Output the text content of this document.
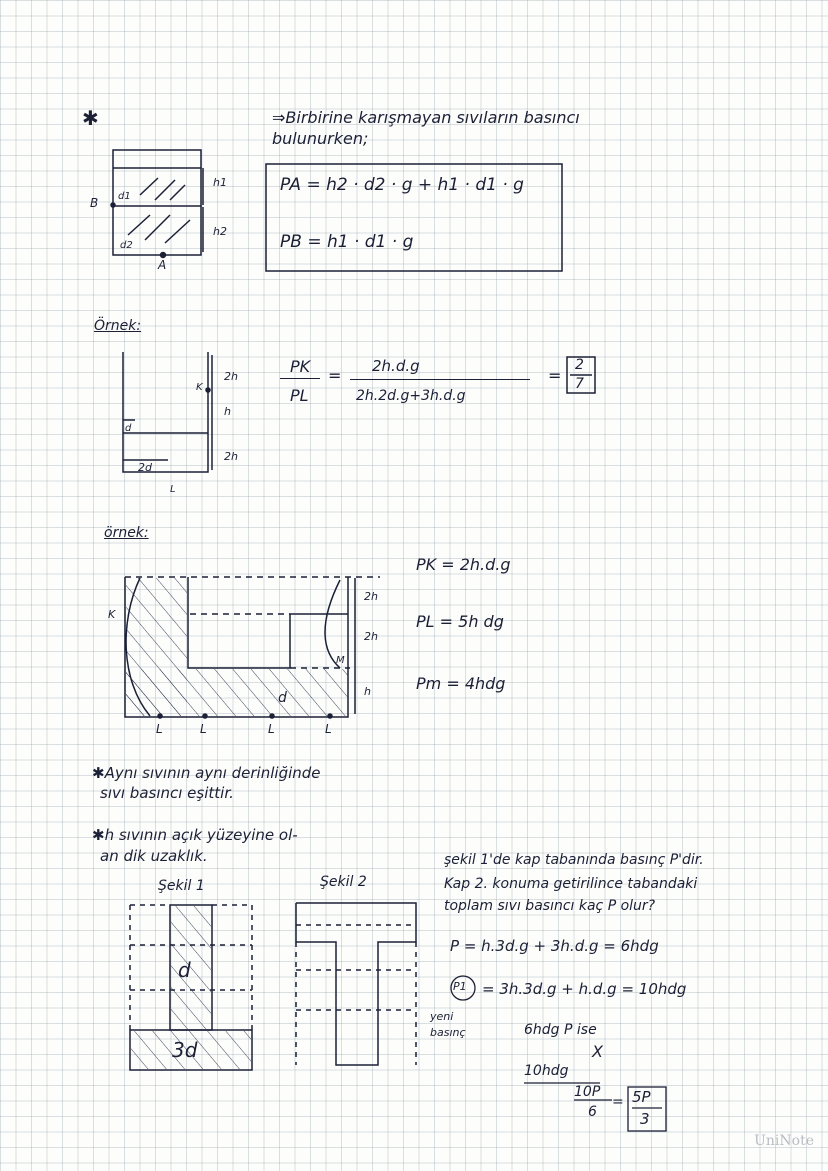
✱	⇒Birbirine karışmayan sıvıların basıncı
bulunurken;
h1
h2
d1
d2
B
A
PA = h2 · d2 · g + h1 · d1 · g
PB = h1 · d1 · g
Örnek:
2h
h
2h
d
2d
L
K
PK
PL
= 2h.d.g
2h.2d.g+3h.d.g
=
2
7
örnek:
2h
2h
h
d
K
M
L	L	L	L
PK = 2h.d.g
PL = 5h dg
Pm = 4hdg
✱Aynı sıvının aynı derinliğinde
sıvı basıncı eşittir.
✱h sıvının açık yüzeyine ol-
an dik uzaklık.
Şekil 1	Şekil 2
d
3d
şekil 1'de kap tabanında basınç P'dir.
Kap 2. konuma getirilince tabandaki
toplam sıvı basıncı kaç P olur?
P = h.3d.g + 3h.d.g = 6hdg
P1 = 3h.3d.g + h.d.g = 10hdg
yeni
basınç	6hdg P ise
X
10hdg
10P
6
= 5P
3
UniNote
